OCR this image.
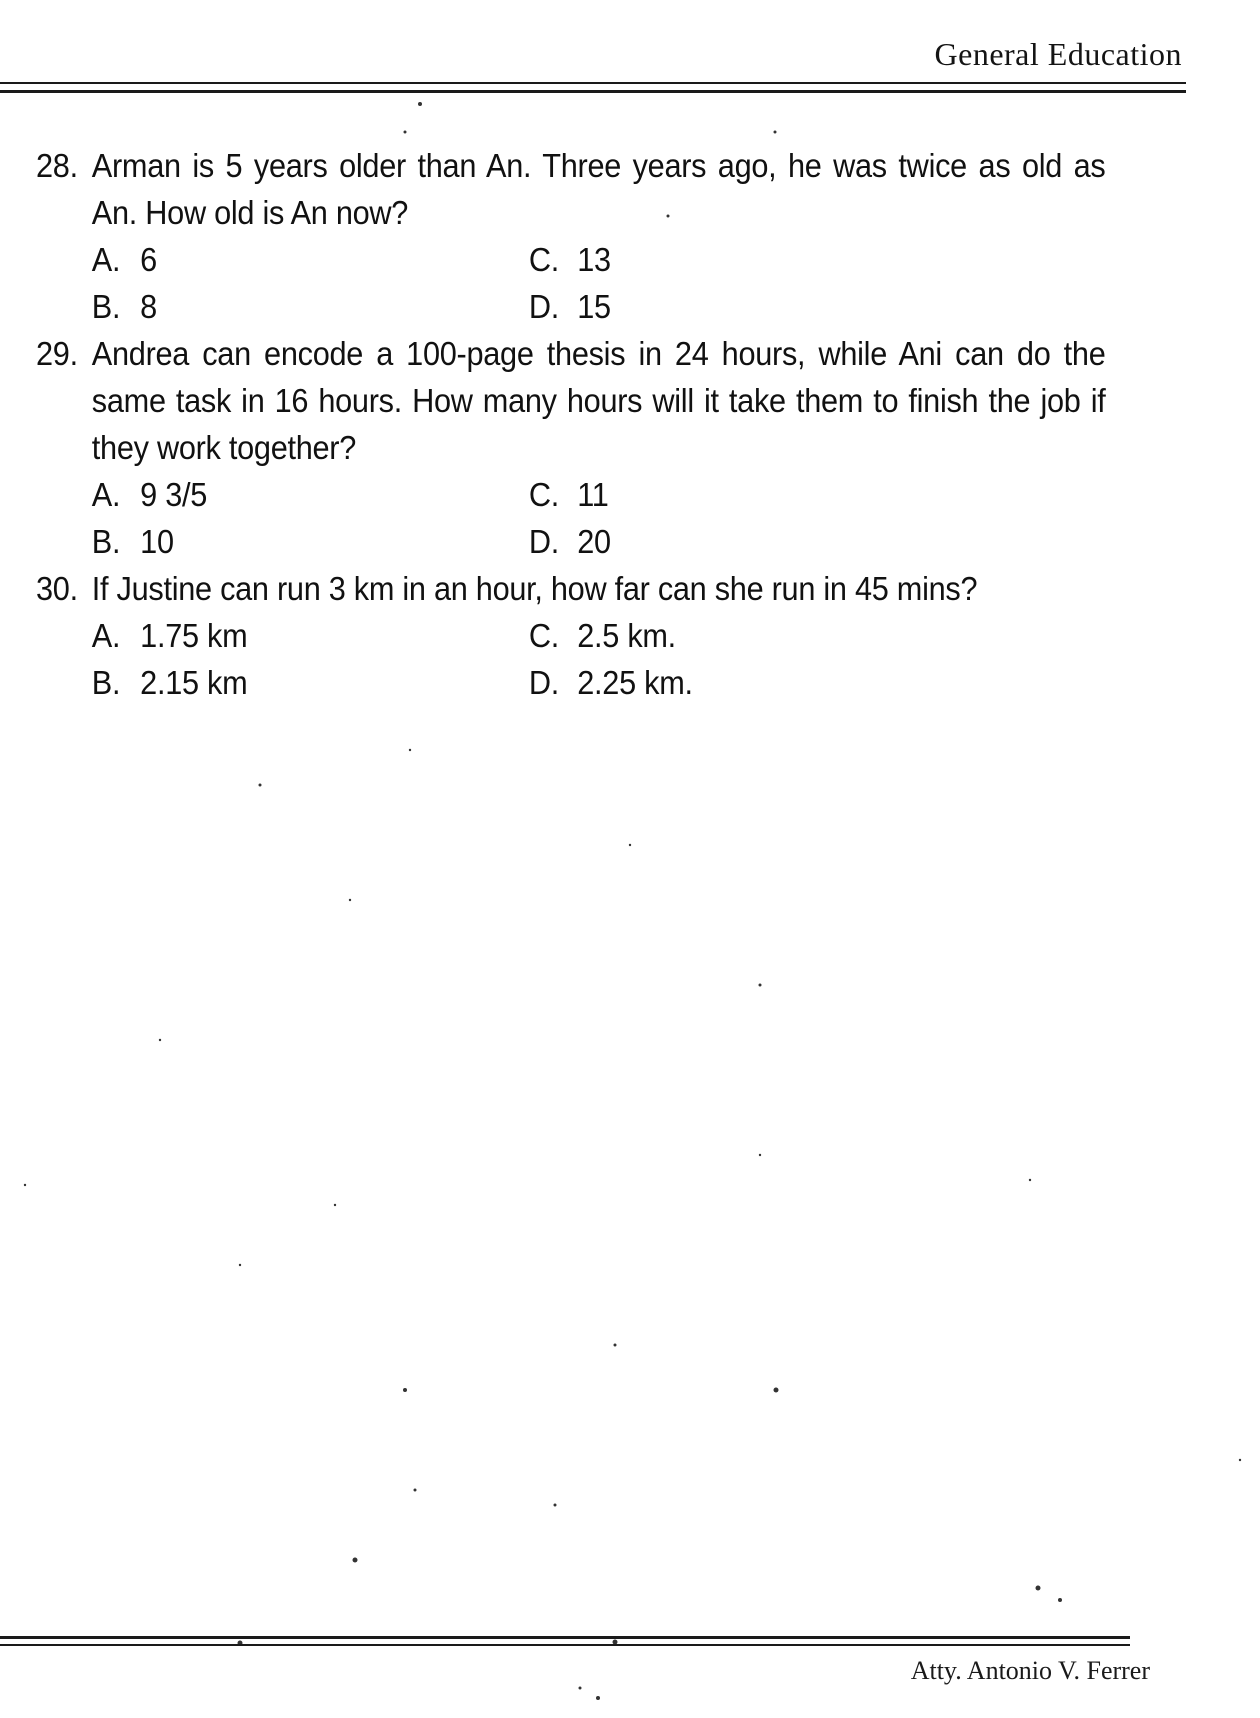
General Education
28. Arman is 5 years older than An. Three years ago, he was twice as old as An. How old is An now?
A. 6	C. 13
B. 8	D. 15
29. Andrea can encode a 100-page thesis in 24 hours, while Ani can do the same task in 16 hours. How many hours will it take them to finish the job if they work together?
A. 9 3/5	C. 11
B. 10	D. 20
30. If Justine can run 3 km in an hour, how far can she run in 45 mins?
A. 1.75 km	C. 2.5 km.
B. 2.15 km	D. 2.25 km.
Atty. Antonio V. Ferrer
